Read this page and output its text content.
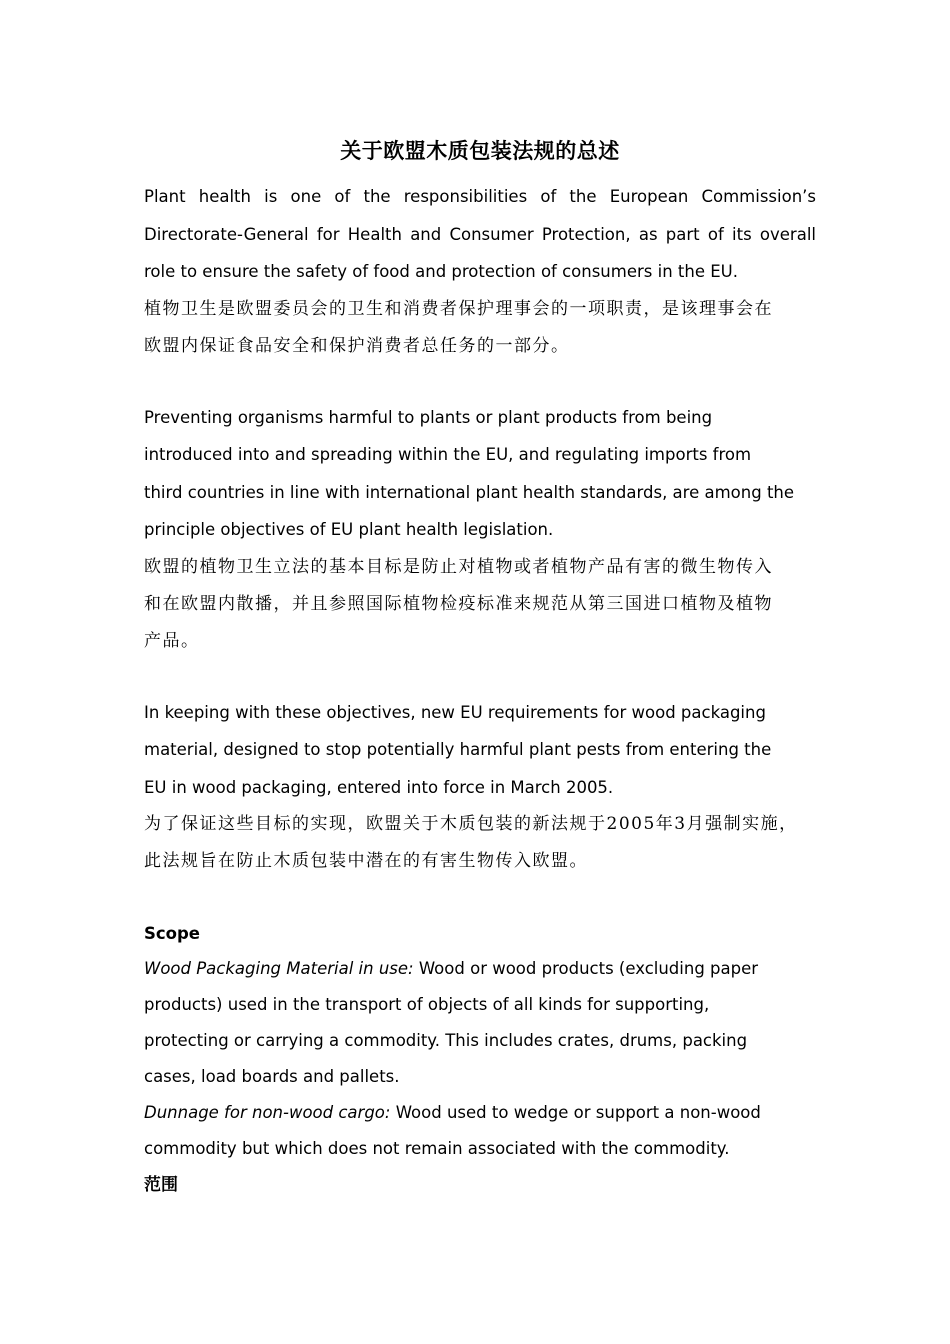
关于欧盟木质包装法规的总述

Plant health is one of the responsibilities of the European Commission’s Directorate-General for Health and Consumer Protection, as part of its overall role to ensure the safety of food and protection of consumers in the EU.

植物卫生是欧盟委员会的卫生和消费者保护理事会的一项职责，是该理事会在

欧盟内保证食品安全和保护消费者总任务的一部分。

Preventing organisms harmful to plants or plant products from being

introduced into and spreading within the EU, and regulating imports from

third countries in line with international plant health standards, are among the

principle objectives of EU plant health legislation.

欧盟的植物卫生立法的基本目标是防止对植物或者植物产品有害的微生物传入

和在欧盟内散播，并且参照国际植物检疫标准来规范从第三国进口植物及植物

产品。

In keeping with these objectives, new EU requirements for wood packaging

material, designed to stop potentially harmful plant pests from entering the

EU in wood packaging, entered into force in March 2005.

为了保证这些目标的实现，欧盟关于木质包装的新法规于2005年3月强制实施，

此法规旨在防止木质包装中潜在的有害生物传入欧盟。

Scope

Wood Packaging Material in use: Wood or wood products (excluding paper

products) used in the transport of objects of all kinds for supporting,

protecting or carrying a commodity. This includes crates, drums, packing

cases, load boards and pallets.

Dunnage for non-wood cargo: Wood used to wedge or support a non-wood

commodity but which does not remain associated with the commodity.

范围
